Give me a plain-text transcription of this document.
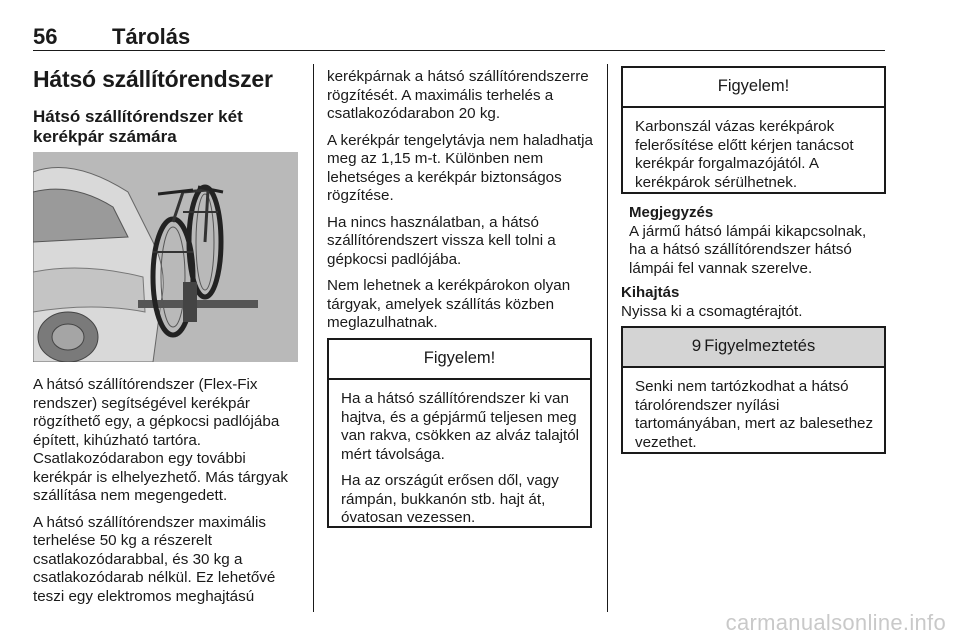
56 Tárolás
Hátsó szállítórendszer
Hátsó szállítórendszer két kerékpár számára

A hátsó szállítórendszer (Flex-Fix rendszer) segítségével kerékpár rögzíthető egy, a gépkocsi padlójába épített, kihúzható tartóra. Csatlakozódarabon egy további kerékpár is elhelyezhető. Más tárgyak szállítása nem megengedett.

A hátsó szállítórendszer maximális terhelése 50 kg a részerelt csatlakozódarabbal, és 30 kg a csatlakozódarab nélkül. Ez lehetővé teszi egy elektromos meghajtású

kerékpárnak a hátsó szállítórendszerre rögzítését. A maximális terhelés a csatlakozódarabon 20 kg.

A kerékpár tengelytávja nem haladhatja meg az 1,15 m-t. Különben nem lehetséges a kerékpár biztonságos rögzítése.

Ha nincs használatban, a hátsó szállítórendszert vissza kell tolni a gépkocsi padlójába.

Nem lehetnek a kerékpárokon olyan tárgyak, amelyek szállítás közben meglazulhatnak.

Figyelem!

Ha a hátsó szállítórendszer ki van hajtva, és a gépjármű teljesen meg van rakva, csökken az alváz talajtól mért távolsága.

Ha az országút erősen dől, vagy rámpán, bukkanón stb. hajt át, óvatosan vezessen.

Figyelem!

Karbonszál vázas kerékpárok felerősítése előtt kérjen tanácsot kerékpár forgalmazójától. A kerékpárok sérülhetnek.

Megjegyzés
A jármű hátsó lámpái kikapcsolnak, ha a hátsó szállítórendszer hátsó lámpái fel vannak szerelve.
Kihajtás
Nyissa ki a csomagtérajtót.
9 Figyelmeztetés

Senki nem tartózkodhat a hátsó tárolórendszer nyílási tartományában, mert az balesethez vezethet.

carmanualsonline.info
